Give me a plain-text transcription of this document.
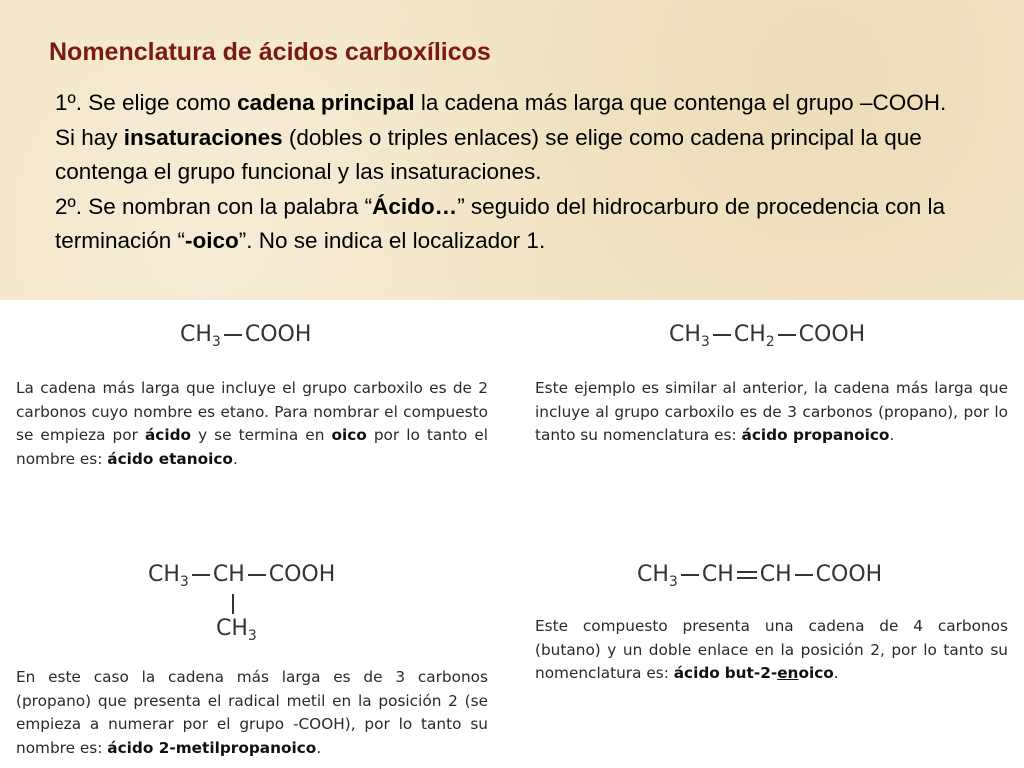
Nomenclatura de ácidos carboxílicos
1º. Se elige como cadena principal la cadena más larga que contenga el grupo –COOH.
Si hay insaturaciones (dobles o triples enlaces) se elige como cadena principal la que contenga el grupo funcional y las insaturaciones.
2º. Se nombran con la palabra “Ácido…” seguido del hidrocarburo de procedencia con la terminación “-oico”. No se indica el localizador 1.
$CH_3$ COOH
La cadena más larga que incluye el grupo carboxilo es de 2 carbonos cuyo nombre es etano. Para nombrar el compuesto se empieza por ácido y se termina en oico por lo tanto el nombre es: ácido etanoico.
$CH_3$ $CH_2$ COOH
Este ejemplo es similar al anterior, la cadena más larga que incluye al grupo carboxilo es de 3 carbonos (propano), por lo tanto su nomenclatura es: ácido propanoico.
$CH_3$ CH COOH
$CH_3$
En este caso la cadena más larga es de 3 carbonos (propano) que presenta el radical metil en la posición 2 (se empieza a numerar por el grupo -COOH), por lo tanto su nombre es: ácido 2-metilpropanoico.
$CH_3$ CH CH COOH
Este compuesto presenta una cadena de 4 carbonos (butano) y un doble enlace en la posición 2, por lo tanto su nomenclatura es: ácido but-2-enoico.
